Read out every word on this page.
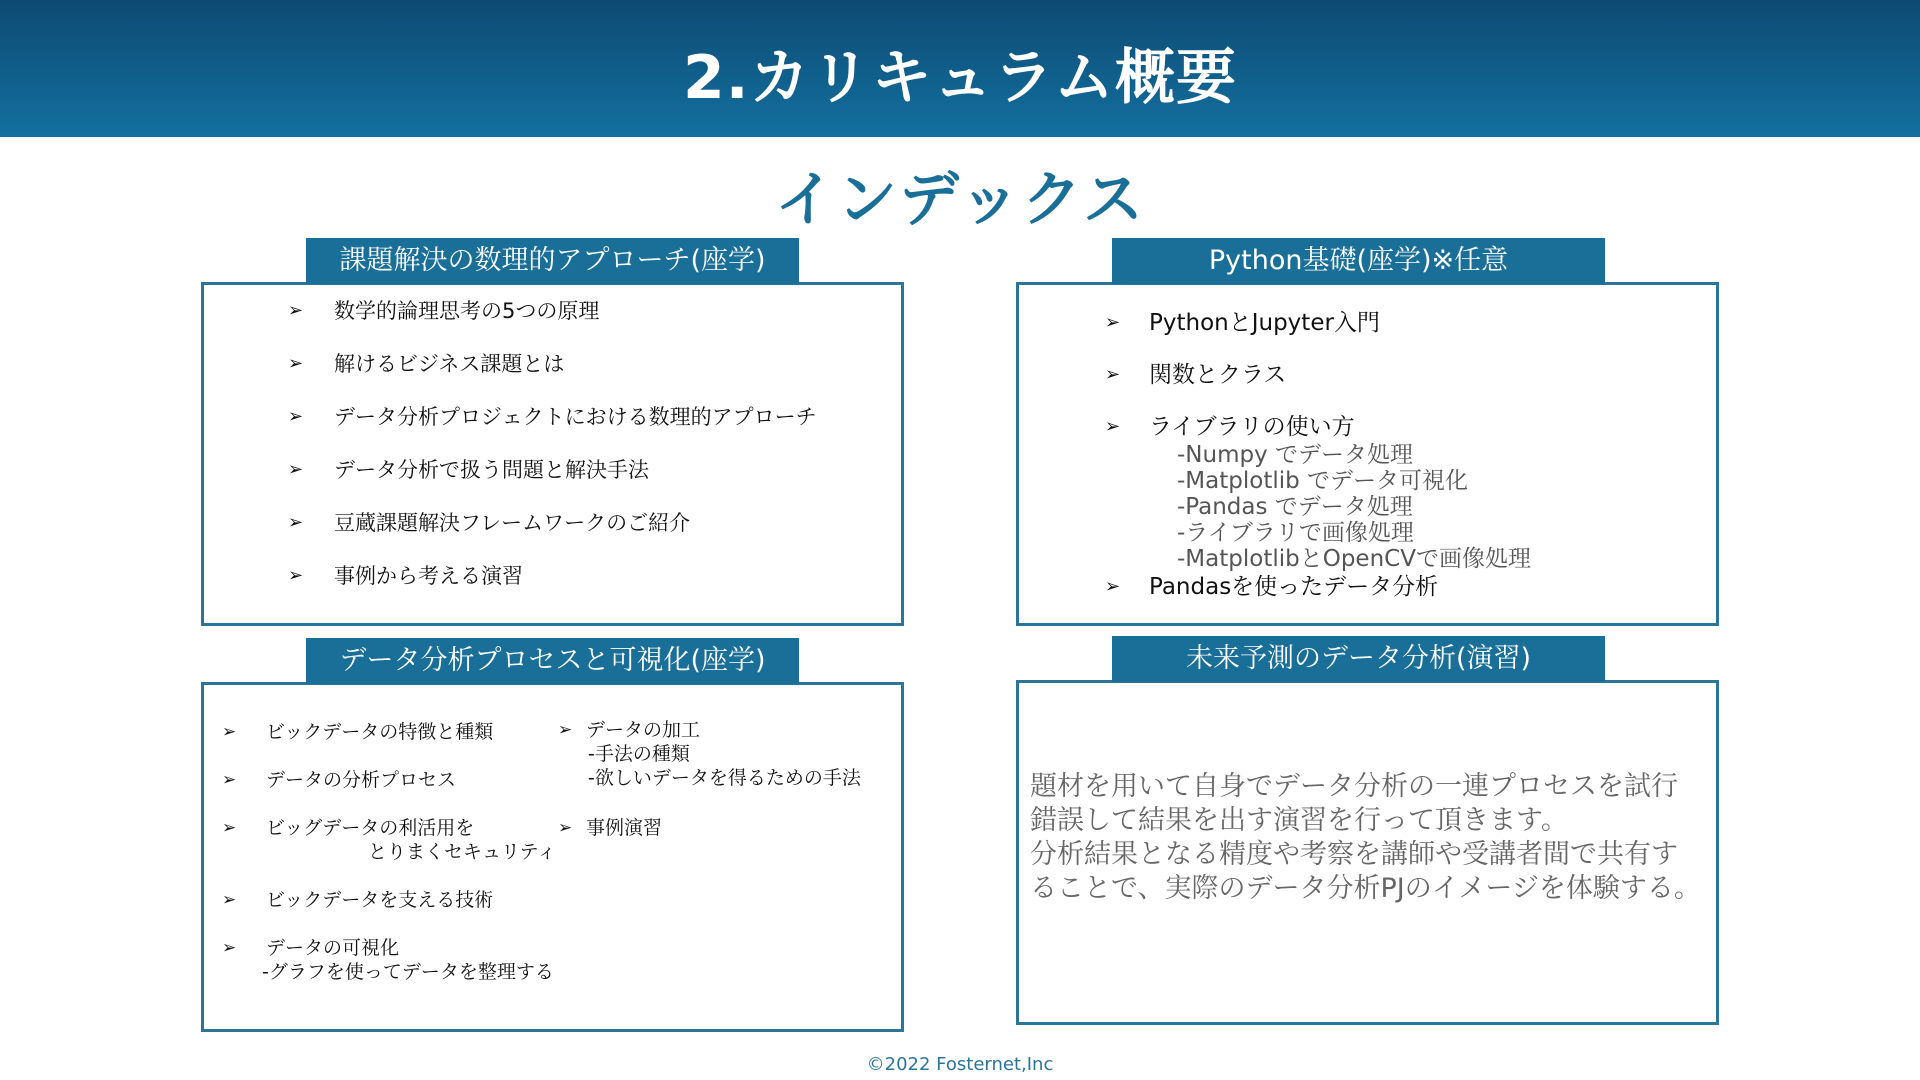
2.カリキュラム概要
インデックス
課題解決の数理的アプローチ(座学)
➢ 数学的論理思考の5つの原理
➢ 解けるビジネス課題とは
➢ データ分析プロジェクトにおける数理的アプローチ
➢ データ分析で扱う問題と解決手法
➢ 豆蔵課題解決フレームワークのご紹介
➢ 事例から考える演習
Python基礎(座学)※任意
➢ PythonとJupyter入門
➢ 関数とクラス
➢ ライブラリの使い方
-Numpy でデータ処理
-Matplotlib でデータ可視化
-Pandas でデータ処理
-ライブラリで画像処理
-MatplotlibとOpenCVで画像処理
➢ Pandasを使ったデータ分析
データ分析プロセスと可視化(座学)
➢ ビックデータの特徴と種類
➢ データの分析プロセス
➢ ビッグデータの利活用を
とりまくセキュリティ
➢ ビックデータを支える技術
➢ データの可視化
-グラフを使ってデータを整理する
➢ データの加工
-手法の種類
-欲しいデータを得るための手法
➢ 事例演習
未来予測のデータ分析(演習)
題材を用いて自身でデータ分析の一連プロセスを試行
錯誤して結果を出す演習を行って頂きます。
分析結果となる精度や考察を講師や受講者間で共有す
ることで、実際のデータ分析PJのイメージを体験する。
©2022 Fosternet,Inc
